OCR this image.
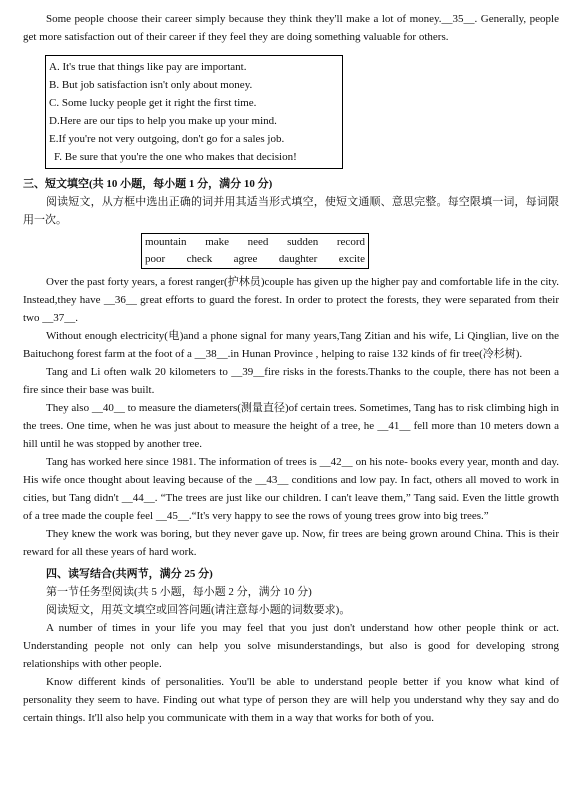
Some people choose their career simply because they think they'll make a lot of money.__35__. Generally, people get more satisfaction out of their career if they feel they are doing something valuable for others.

A. It's true that things like pay are important.
B. But job satisfaction isn't only about money.
C. Some lucky people get it right the first time.
D.Here are our tips to help you make up your mind.
E.If you're not very outgoing, don't go for a sales job.
F. Be sure that you're the one who makes that decision!

三、短文填空(共 10 小题，每小题 1 分，满分 10 分)

阅读短文，从方框中选出正确的词并用其适当形式填空，使短文通顺、意思完整。每空限填一词，每词限用一次。

mountain make need sudden record
poor check agree daughter excite

Over the past forty years, a forest ranger(护林员)couple has given up the higher pay and comfortable life in the city. Instead,they have __36__ great efforts to guard the forest. In order to protect the forests, they were separated from their two __37__.

Without enough electricity(电)and a phone signal for many years,Tang Zitian and his wife, Li Qinglian, live on the Baituchong forest farm at the foot of a __38__.in Hunan Province , helping to raise 132 kinds of fir tree(冷杉树).

Tang and Li often walk 20 kilometers to __39__fire risks in the forests.Thanks to the couple, there has not been a fire since their base was built.

They also __40__ to measure the diameters(测量直径)of certain trees. Sometimes, Tang has to risk climbing high in the trees. One time, when he was just about to measure the height of a tree, he __41__ fell more than 10 meters down a hill until he was stopped by another tree.

Tang has worked here since 1981. The information of trees is __42__ on his note- books every year, month and day. His wife once thought about leaving because of the __43__ conditions and low pay. In fact, others all moved to work in cities, but Tang didn't __44__. “The trees are just like our children. I can't leave them,” Tang said. Even the little growth of a tree made the couple feel __45__.“It's very happy to see the rows of young trees grow into big trees.”

They knew the work was boring, but they never gave up. Now, fir trees are being grown around China. This is their reward for all these years of hard work.

四、读写结合(共两节，满分 25 分)

第一节任务型阅读(共 5 小题，每小题 2 分，满分 10 分)

阅读短文，用英文填空或回答问题(请注意每小题的词数要求)。

A number of times in your life you may feel that you just don't understand how other people think or act. Understanding people not only can help you solve misunderstandings, but also is good for developing strong relationships with other people.

Know different kinds of personalities. You'll be able to understand people better if you know what kind of personality they seem to have. Finding out what type of person they are will help you understand why they say and do certain things. It'll also help you communicate with them in a way that works for both of you.
